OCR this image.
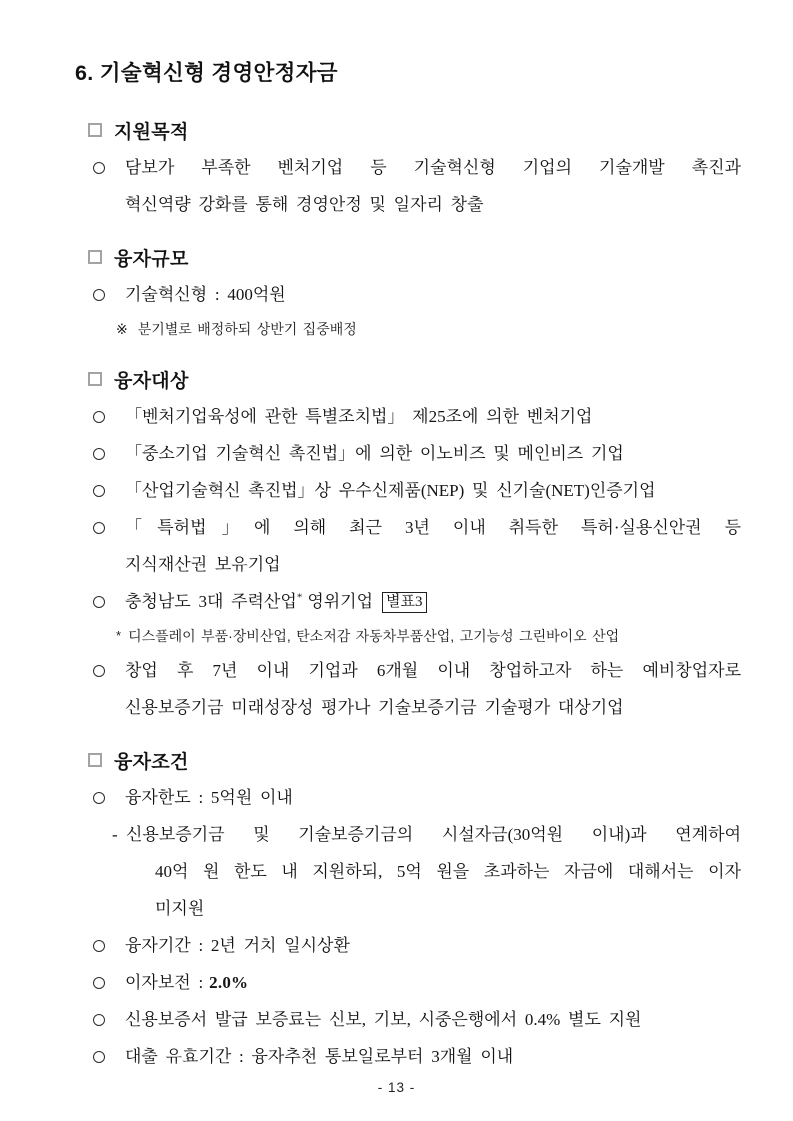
6. 기술혁신형 경영안정자금
지원목적
담보가 부족한 벤처기업 등 기술혁신형 기업의 기술개발 촉진과
혁신역량 강화를 통해 경영안정 및 일자리 창출
융자규모
기술혁신형 : 400억원
※ 분기별로 배정하되 상반기 집중배정
융자대상
「벤처기업육성에 관한 특별조치법」 제25조에 의한 벤처기업
「중소기업 기술혁신 촉진법」에 의한 이노비즈 및 메인비즈 기업
「산업기술혁신 촉진법」상 우수신제품(NEP) 및 신기술(NET)인증기업
「특허법」에 의해 최근 3년 이내 취득한 특허·실용신안권 등
지식재산권 보유기업
충청남도 3대 주력산업* 영위기업 별표3
* 디스플레이 부품·장비산업, 탄소저감 자동차부품산업, 고기능성 그린바이오 산업
창업 후 7년 이내 기업과 6개월 이내 창업하고자 하는 예비창업자로
신용보증기금 미래성장성 평가나 기술보증기금 기술평가 대상기업
융자조건
융자한도 : 5억원 이내
- 신용보증기금 및 기술보증기금의 시설자금(30억원 이내)과 연계하여
40억 원 한도 내 지원하되, 5억 원을 초과하는 자금에 대해서는 이자
미지원
융자기간 : 2년 거치 일시상환
이자보전 : 2.0%
신용보증서 발급 보증료는 신보, 기보, 시중은행에서 0.4% 별도 지원
대출 유효기간 : 융자추천 통보일로부터 3개월 이내
- 13 -
